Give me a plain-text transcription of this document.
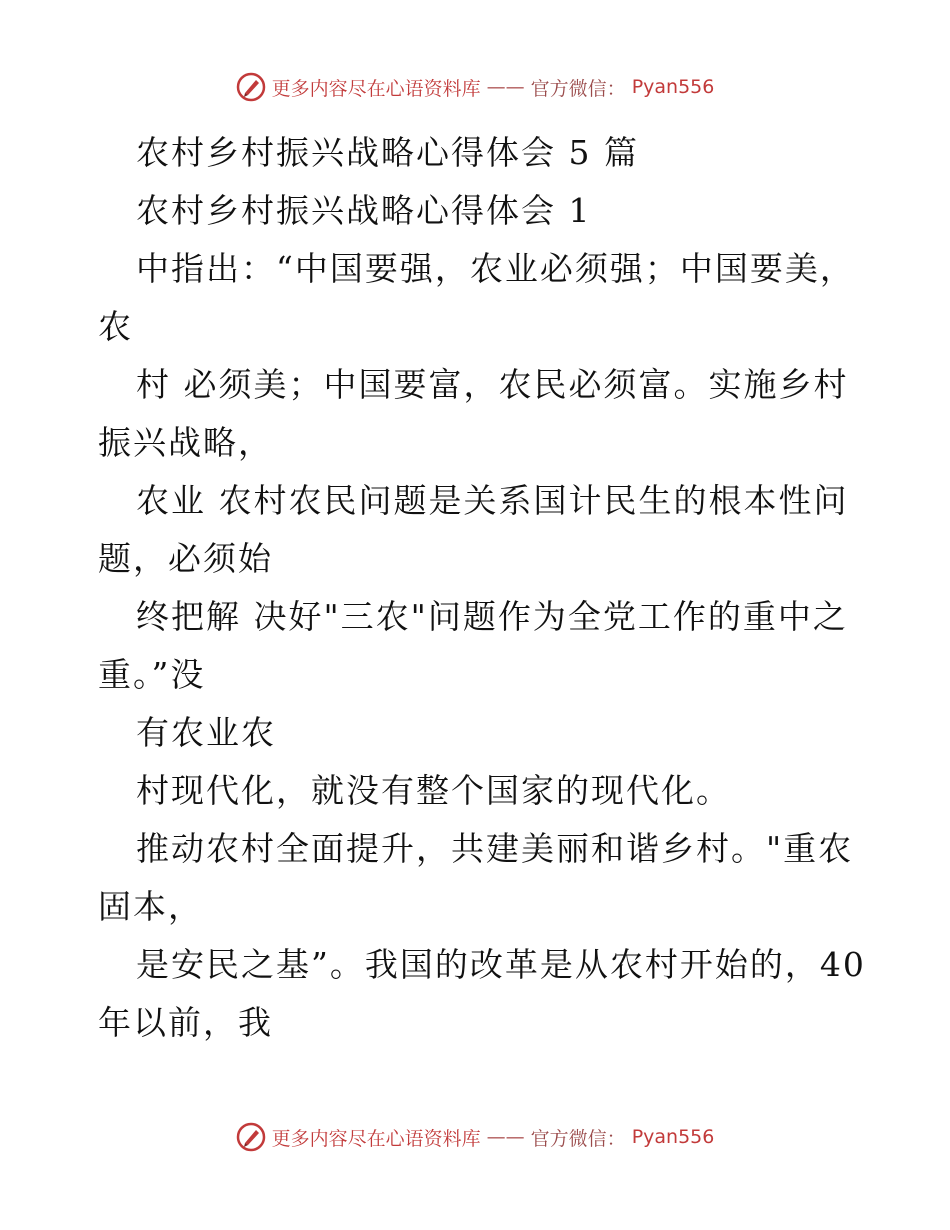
更多内容尽在心语资料库 —— 官方微信： Pyan556
农村乡村振兴战略心得体会 5 篇
农村乡村振兴战略心得体会 1
中指出：“中国要强，农业必须强；中国要美，
农
村 必须美；中国要富，农民必须富。实施乡村
振兴战略，
农业 农村农民问题是关系国计民生的根本性问
题，必须始
终把解 决好"三农"问题作为全党工作的重中之
重。”没
有农业农
村现代化，就没有整个国家的现代化。
推动农村全面提升，共建美丽和谐乡村。"重农
固本，
是安民之基”。我国的改革是从农村开始的，40
年以前，我
更多内容尽在心语资料库 —— 官方微信： Pyan556
